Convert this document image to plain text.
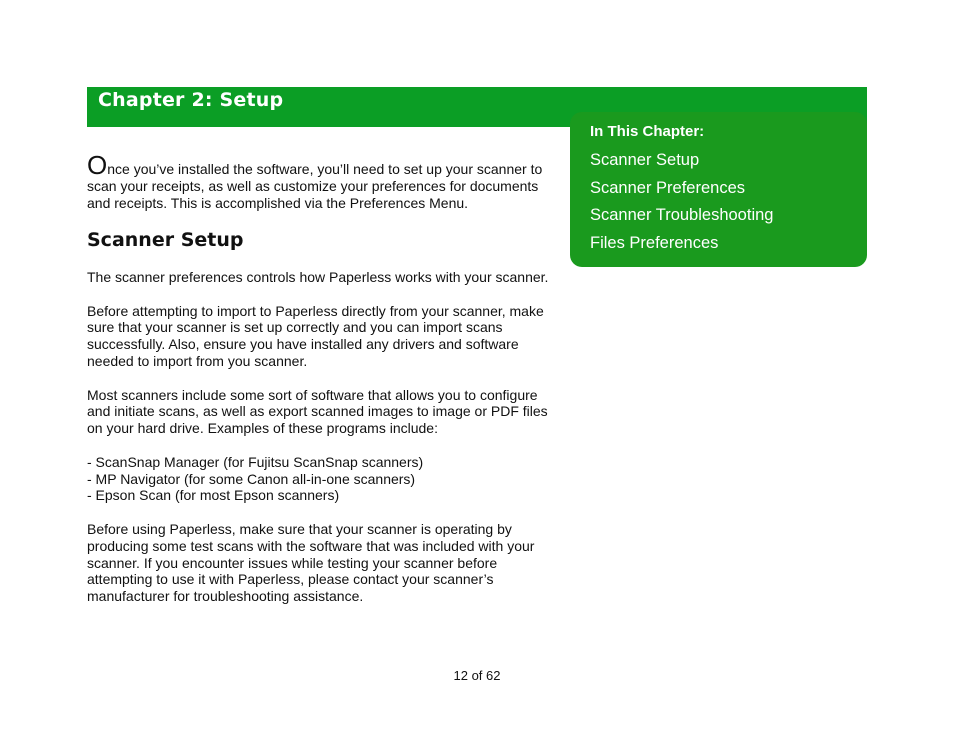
Chapter 2: Setup
In This Chapter:
Scanner Setup
Scanner Preferences
Scanner Troubleshooting
Files Preferences

Once you’ve installed the software, you’ll need to set up your scanner to scan your receipts, as well as customize your preferences for documents and receipts. This is accomplished via the Preferences Menu.

Scanner Setup

The scanner preferences controls how Paperless works with your scanner.

Before attempting to import to Paperless directly from your scanner, make sure that your scanner is set up correctly and you can import scans successfully. Also, ensure you have installed any drivers and software needed to import from you scanner.

Most scanners include some sort of software that allows you to configure and initiate scans, as well as export scanned images to image or PDF files on your hard drive. Examples of these programs include:

- ScanSnap Manager (for Fujitsu ScanSnap scanners)
- MP Navigator (for some Canon all-in-one scanners)
- Epson Scan (for most Epson scanners)

Before using Paperless, make sure that your scanner is operating by producing some test scans with the software that was included with your scanner. If you encounter issues while testing your scanner before attempting to use it with Paperless, please contact your scanner’s manufacturer for troubleshooting assistance.

12 of 62
